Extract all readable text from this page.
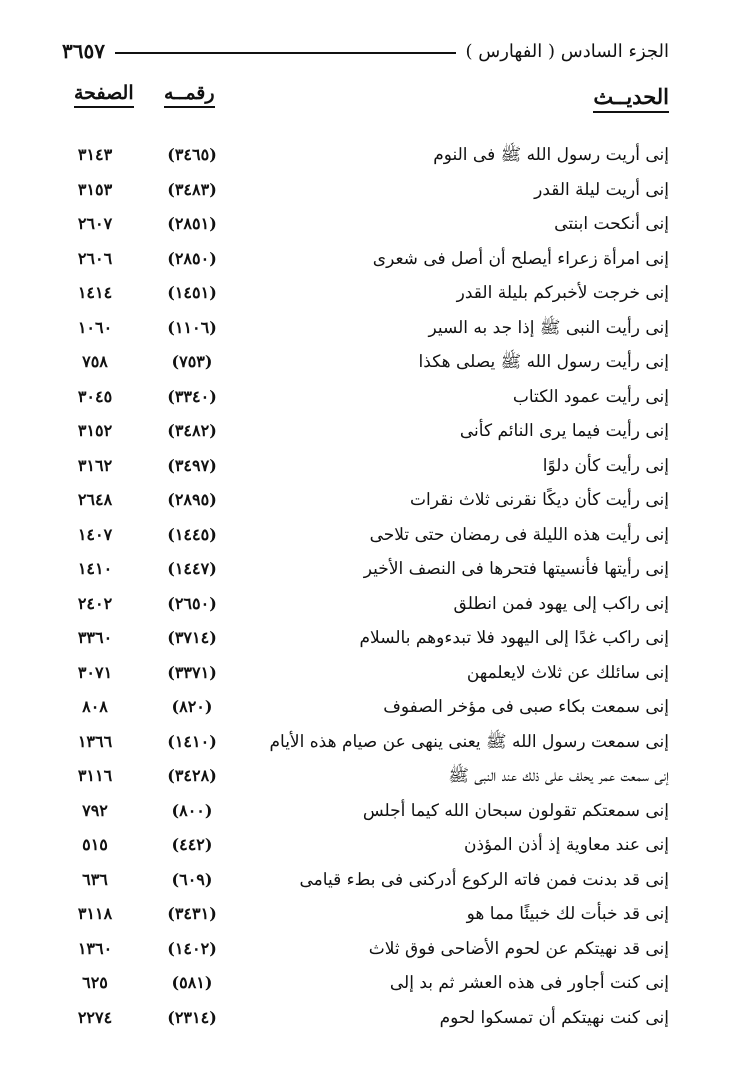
الجزء السادس ( الفهارس )
٣٦٥٧
الحديــث
رقمــه
الصفحة
إنى أريت رسول الله ﷺ فى النوم
(٣٤٦٥)
٣١٤٣
إنى أريت ليلة القدر
(٣٤٨٣)
٣١٥٣
إنى أنكحت ابنتى
(٢٨٥١)
٢٦٠٧
إنى امرأة زعراء أيصلح أن أصل فى شعرى
(٢٨٥٠)
٢٦٠٦
إنى خرجت لأخبركم بليلة القدر
(١٤٥١)
١٤١٤
إنى رأيت النبى ﷺ إذا جد به السير
(١١٠٦)
١٠٦٠
إنى رأيت رسول الله ﷺ يصلى هكذا
(٧٥٣)
٧٥٨
إنى رأيت عمود الكتاب
(٣٣٤٠)
٣٠٤٥
إنى رأيت فيما يرى النائم كأنى
(٣٤٨٢)
٣١٥٢
إنى رأيت كأن دلوًا
(٣٤٩٧)
٣١٦٢
إنى رأيت كأن ديكًا نقرنى ثلاث نقرات
(٢٨٩٥)
٢٦٤٨
إنى رأيت هذه الليلة فى رمضان حتى تلاحى
(١٤٤٥)
١٤٠٧
إنى رأيتها فأنسيتها فتحرها فى النصف الأخير
(١٤٤٧)
١٤١٠
إنى راكب إلى يهود فمن انطلق
(٢٦٥٠)
٢٤٠٢
إنى راكب غدًا إلى اليهود فلا تبدءوهم بالسلام
(٣٧١٤)
٣٣٦٠
إنى سائلك عن ثلاث لايعلمهن
(٣٣٧١)
٣٠٧١
إنى سمعت بكاء صبى فى مؤخر الصفوف
(٨٢٠)
٨٠٨
إنى سمعت رسول الله ﷺ يعنى ينهى عن صيام هذه الأيام
(١٤١٠)
١٣٦٦
إنى سمعت عمر يحلف على ذلك عند النبى ﷺ
(٣٤٢٨)
٣١١٦
إنى سمعتكم تقولون سبحان الله كيما أجلس
(٨٠٠)
٧٩٢
إنى عند معاوية إذ أذن المؤذن
(٤٤٢)
٥١٥
إنى قد بدنت فمن فاته الركوع أدركنى فى بطء قيامى
(٦٠٩)
٦٣٦
إنى قد خبأت لك خبيئًا مما هو
(٣٤٣١)
٣١١٨
إنى قد نهيتكم عن لحوم الأضاحى فوق ثلاث
(١٤٠٢)
١٣٦٠
إنى كنت أجاور فى هذه العشر ثم بد إلى
(٥٨١)
٦٢٥
إنى كنت نهيتكم أن تمسكوا لحوم
(٢٣١٤)
٢٢٧٤
